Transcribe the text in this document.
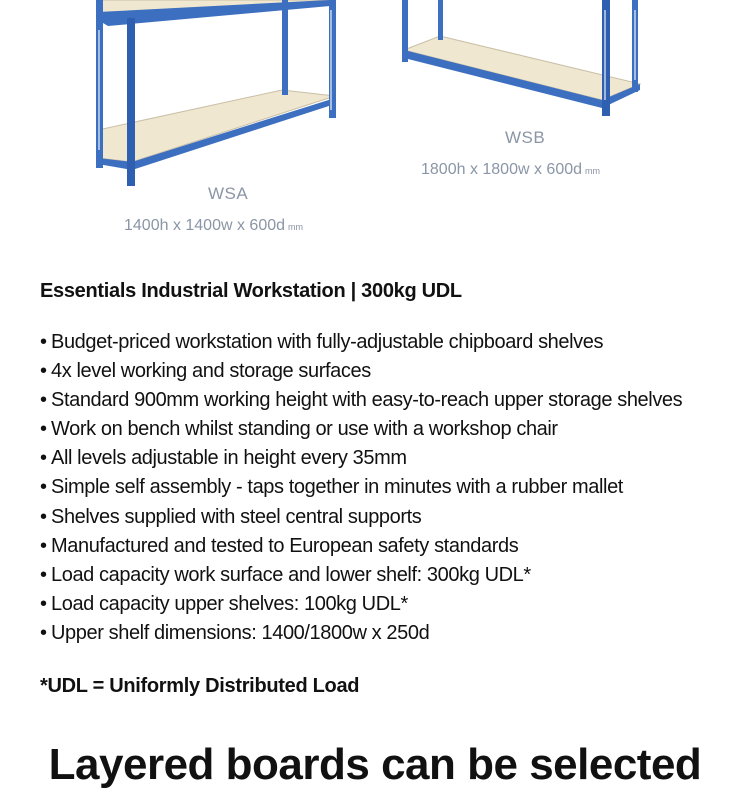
WSA
1400h x 1400w x 600d mm
WSB
1800h x 1800w x 600d mm
Essentials Industrial Workstation | 300kg UDL
• Budget-priced workstation with fully-adjustable chipboard shelves
• 4x level working and storage surfaces
• Standard 900mm working height with easy-to-reach upper storage shelves
• Work on bench whilst standing or use with a workshop chair
• All levels adjustable in height every 35mm
• Simple self assembly - taps together in minutes with a rubber mallet
• Shelves supplied with steel central supports
• Manufactured and tested to European safety standards
• Load capacity work surface and lower shelf: 300kg UDL*
• Load capacity upper shelves: 100kg UDL*
• Upper shelf dimensions: 1400/1800w x 250d
*UDL = Uniformly Distributed Load
Layered boards can be selected
